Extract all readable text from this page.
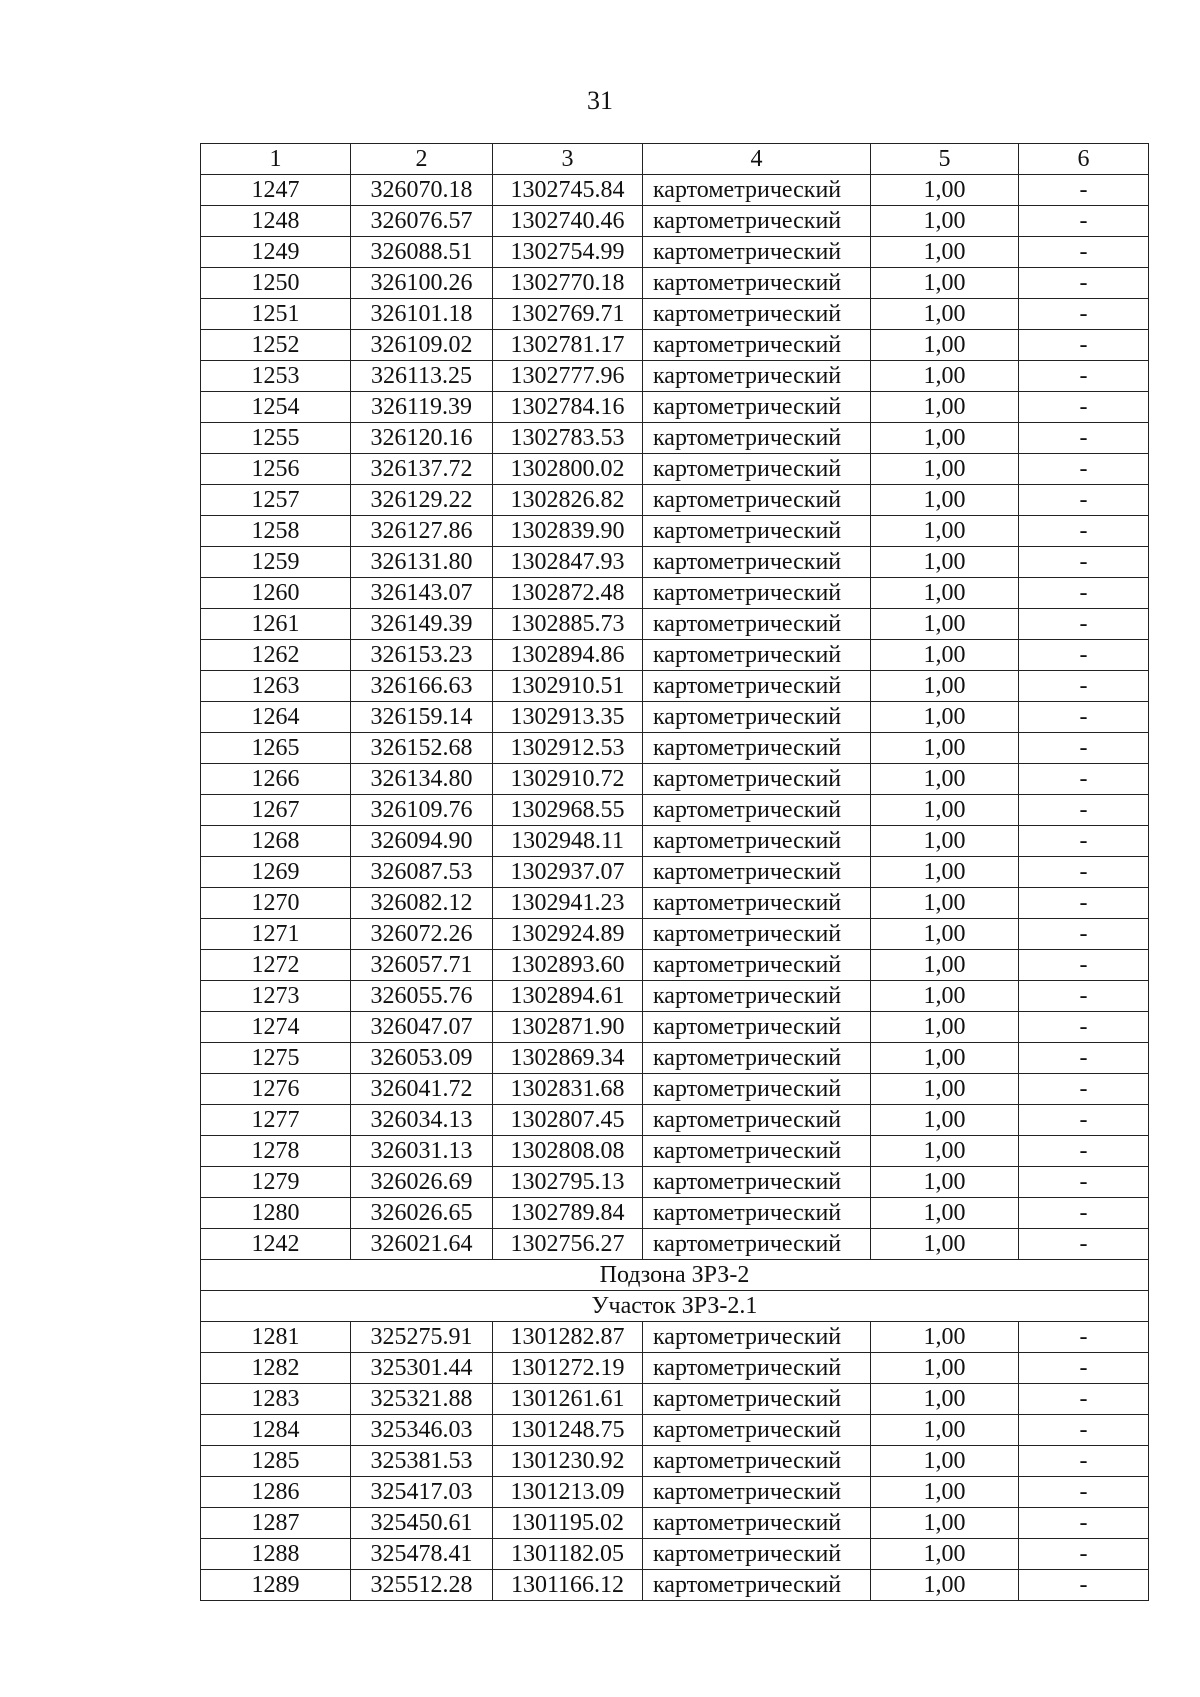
31
1	2	3	4	5	6
1247	326070.18	1302745.84	картометрический	1,00	-
1248	326076.57	1302740.46	картометрический	1,00	-
1249	326088.51	1302754.99	картометрический	1,00	-
1250	326100.26	1302770.18	картометрический	1,00	-
1251	326101.18	1302769.71	картометрический	1,00	-
1252	326109.02	1302781.17	картометрический	1,00	-
1253	326113.25	1302777.96	картометрический	1,00	-
1254	326119.39	1302784.16	картометрический	1,00	-
1255	326120.16	1302783.53	картометрический	1,00	-
1256	326137.72	1302800.02	картометрический	1,00	-
1257	326129.22	1302826.82	картометрический	1,00	-
1258	326127.86	1302839.90	картометрический	1,00	-
1259	326131.80	1302847.93	картометрический	1,00	-
1260	326143.07	1302872.48	картометрический	1,00	-
1261	326149.39	1302885.73	картометрический	1,00	-
1262	326153.23	1302894.86	картометрический	1,00	-
1263	326166.63	1302910.51	картометрический	1,00	-
1264	326159.14	1302913.35	картометрический	1,00	-
1265	326152.68	1302912.53	картометрический	1,00	-
1266	326134.80	1302910.72	картометрический	1,00	-
1267	326109.76	1302968.55	картометрический	1,00	-
1268	326094.90	1302948.11	картометрический	1,00	-
1269	326087.53	1302937.07	картометрический	1,00	-
1270	326082.12	1302941.23	картометрический	1,00	-
1271	326072.26	1302924.89	картометрический	1,00	-
1272	326057.71	1302893.60	картометрический	1,00	-
1273	326055.76	1302894.61	картометрический	1,00	-
1274	326047.07	1302871.90	картометрический	1,00	-
1275	326053.09	1302869.34	картометрический	1,00	-
1276	326041.72	1302831.68	картометрический	1,00	-
1277	326034.13	1302807.45	картометрический	1,00	-
1278	326031.13	1302808.08	картометрический	1,00	-
1279	326026.69	1302795.13	картометрический	1,00	-
1280	326026.65	1302789.84	картометрический	1,00	-
1242	326021.64	1302756.27	картометрический	1,00	-
Подзона ЗРЗ-2					
Участок ЗРЗ-2.1					
1281	325275.91	1301282.87	картометрический	1,00	-
1282	325301.44	1301272.19	картометрический	1,00	-
1283	325321.88	1301261.61	картометрический	1,00	-
1284	325346.03	1301248.75	картометрический	1,00	-
1285	325381.53	1301230.92	картометрический	1,00	-
1286	325417.03	1301213.09	картометрический	1,00	-
1287	325450.61	1301195.02	картометрический	1,00	-
1288	325478.41	1301182.05	картометрический	1,00	-
1289	325512.28	1301166.12	картометрический	1,00	-
